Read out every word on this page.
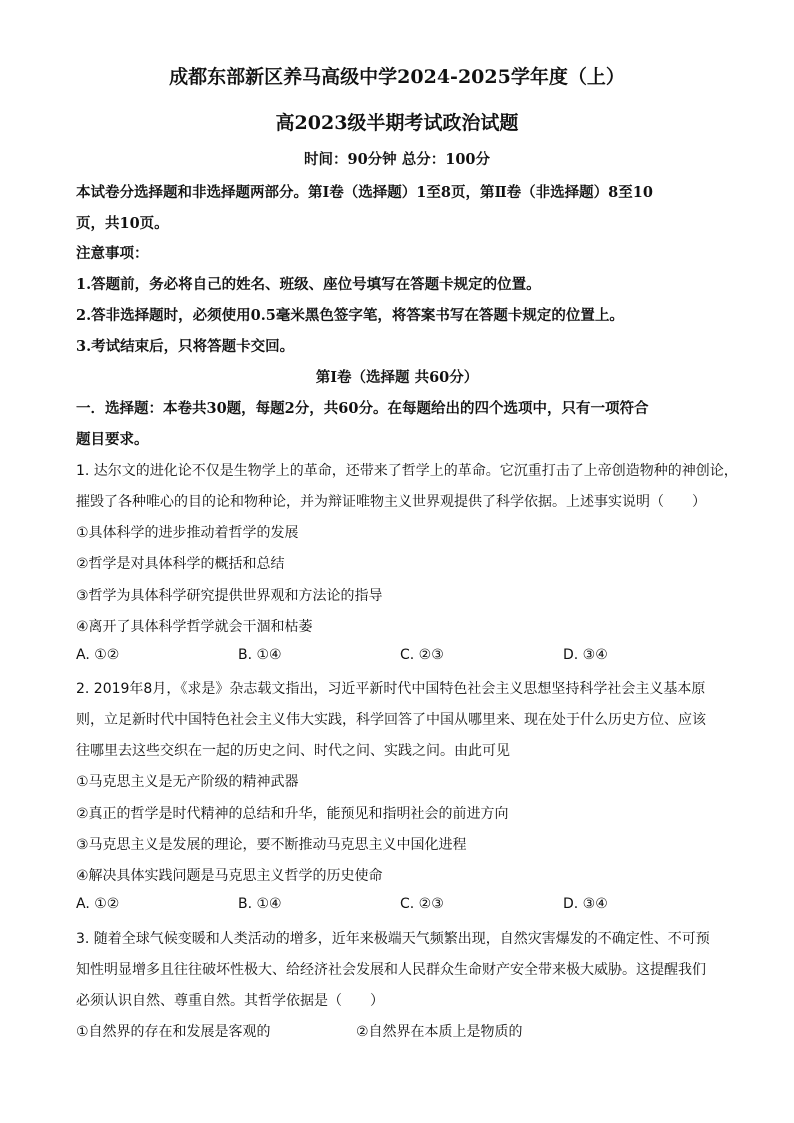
成都东部新区养马高级中学2024-2025学年度（上）
高2023级半期考试政治试题
时间：90分钟 总分：100分
本试卷分选择题和非选择题两部分。第Ⅰ卷（选择题）1至8页，第Ⅱ卷（非选择题）8至10
页，共10页。
注意事项：
1.答题前，务必将自己的姓名、班级、座位号填写在答题卡规定的位置。
2.答非选择题时，必须使用0.5毫米黑色签字笔，将答案书写在答题卡规定的位置上。
3.考试结束后，只将答题卡交回。
第Ⅰ卷（选择题 共60分）
一．选择题：本卷共30题，每题2分，共60分。在每题给出的四个选项中，只有一项符合
题目要求。
1. 达尔文的进化论不仅是生物学上的革命，还带来了哲学上的革命。它沉重打击了上帝创造物种的神创论，
摧毁了各种唯心的目的论和物种论，并为辩证唯物主义世界观提供了科学依据。上述事实说明（　　）
①具体科学的进步推动着哲学的发展
②哲学是对具体科学的概括和总结
③哲学为具体科学研究提供世界观和方法论的指导
④离开了具体科学哲学就会干涸和枯萎
A. ①②	B. ①④	C. ②③	D. ③④
2. 2019年8月，《求是》杂志载文指出，习近平新时代中国特色社会主义思想坚持科学社会主义基本原
则，立足新时代中国特色社会主义伟大实践，科学回答了中国从哪里来、现在处于什么历史方位、应该
往哪里去这些交织在一起的历史之问、时代之问、实践之问。由此可见
①马克思主义是无产阶级的精神武器
②真正的哲学是时代精神的总结和升华，能预见和指明社会的前进方向
③马克思主义是发展的理论，要不断推动马克思主义中国化进程
④解决具体实践问题是马克思主义哲学的历史使命
A. ①②	B. ①④	C. ②③	D. ③④
3. 随着全球气候变暖和人类活动的增多，近年来极端天气频繁出现，自然灾害爆发的不确定性、不可预
知性明显增多且往往破坏性极大、给经济社会发展和人民群众生命财产安全带来极大威胁。这提醒我们
必须认识自然、尊重自然。其哲学依据是（　　）
①自然界的存在和发展是客观的	②自然界在本质上是物质的
